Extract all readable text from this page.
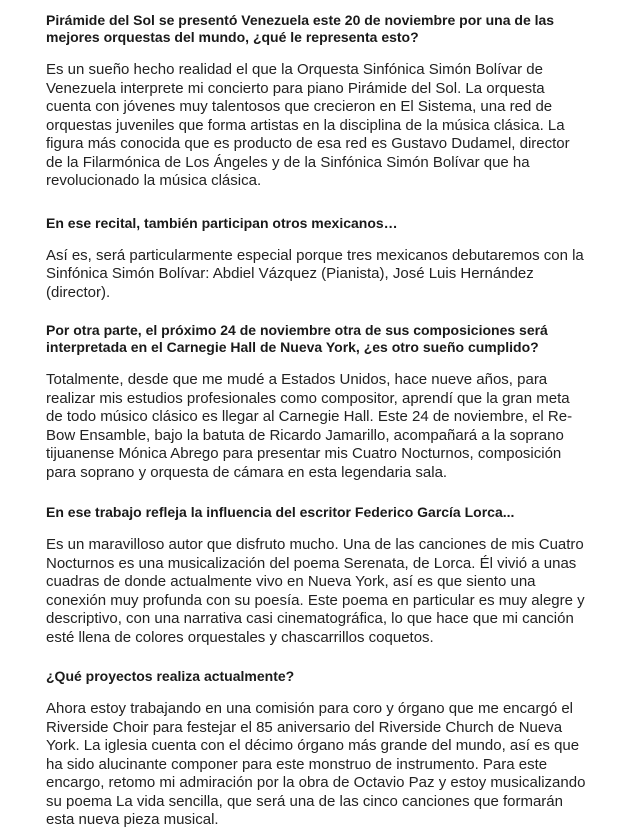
Pirámide del Sol se presentó Venezuela este 20 de noviembre por una de las mejores orquestas del mundo, ¿qué le representa esto?

Es un sueño hecho realidad el que la Orquesta Sinfónica Simón Bolívar de Venezuela interprete mi concierto para piano Pirámide del Sol. La orquesta cuenta con jóvenes muy talentosos que crecieron en El Sistema, una red de orquestas juveniles que forma artistas en la disciplina de la música clásica. La figura más conocida que es producto de esa red es Gustavo Dudamel, director de la Filarmónica de Los Ángeles y de la Sinfónica Simón Bolívar que ha revolucionado la música clásica.

En ese recital, también participan otros mexicanos…

Así es, será particularmente especial porque tres mexicanos debutaremos con la Sinfónica Simón Bolívar: Abdiel Vázquez (Pianista), José Luis Hernández (director).

Por otra parte, el próximo 24 de noviembre otra de sus composiciones será interpretada en el Carnegie Hall de Nueva York, ¿es otro sueño cumplido?

Totalmente, desde que me mudé a Estados Unidos, hace nueve años, para realizar mis estudios profesionales como compositor, aprendí que la gran meta de todo músico clásico es llegar al Carnegie Hall. Este 24 de noviembre, el Re-Bow Ensamble, bajo la batuta de Ricardo Jamarillo, acompañará a la soprano tijuanense Mónica Abrego para presentar mis Cuatro Nocturnos, composición para soprano y orquesta de cámara en esta legendaria sala.

En ese trabajo refleja la influencia del escritor Federico García Lorca...

Es un maravilloso autor que disfruto mucho. Una de las canciones de mis Cuatro Nocturnos es una musicalización del poema Serenata, de Lorca. Él vivió a unas cuadras de donde actualmente vivo en Nueva York, así es que siento una conexión muy profunda con su poesía. Este poema en particular es muy alegre y descriptivo, con una narrativa casi cinematográfica, lo que hace que mi canción esté llena de colores orquestales y chascarrillos coquetos.

¿Qué proyectos realiza actualmente?

Ahora estoy trabajando en una comisión para coro y órgano que me encargó el Riverside Choir para festejar el 85 aniversario del Riverside Church de Nueva York. La iglesia cuenta con el décimo órgano más grande del mundo, así es que ha sido alucinante componer para este monstruo de instrumento. Para este encargo, retomo mi admiración por la obra de Octavio Paz y estoy musicalizando su poema La vida sencilla, que será una de las cinco canciones que formarán esta nueva pieza musical.
